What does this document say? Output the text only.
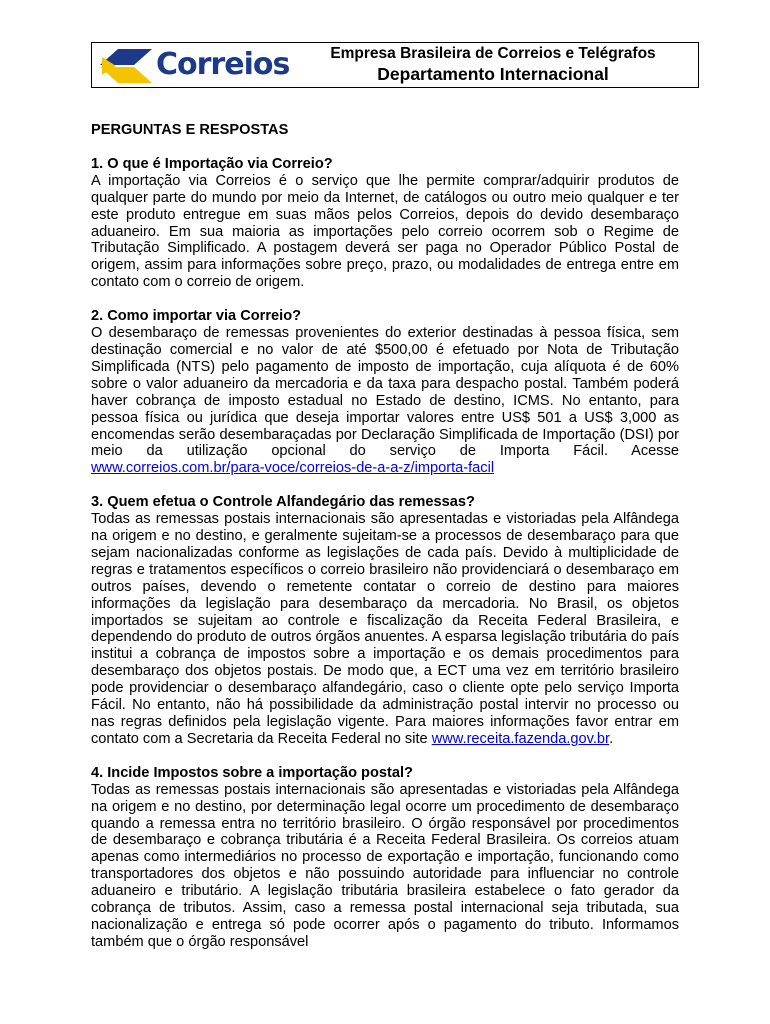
Correios	Empresa Brasileira de Correios e Telégrafos
Departamento Internacional

PERGUNTAS E RESPOSTAS

1. O que é Importação via Correio?

A importação via Correios é o serviço que lhe permite comprar/adquirir produtos de qualquer parte do mundo por meio da Internet, de catálogos ou outro meio qualquer e ter este produto entregue em suas mãos pelos Correios, depois do devido desembaraço aduaneiro. Em sua maioria as importações pelo correio ocorrem sob o Regime de Tributação Simplificado. A postagem deverá ser paga no Operador Público Postal de origem, assim para informações sobre preço, prazo, ou modalidades de entrega entre em contato com o correio de origem.

2. Como importar via Correio?

O desembaraço de remessas provenientes do exterior destinadas à pessoa física, sem destinação comercial e no valor de até $500,00 é efetuado por Nota de Tributação Simplificada (NTS) pelo pagamento de imposto de importação, cuja alíquota é de 60% sobre o valor aduaneiro da mercadoria e da taxa para despacho postal. Também poderá haver cobrança de imposto estadual no Estado de destino, ICMS. No entanto, para pessoa física ou jurídica que deseja importar valores entre US$ 501 a US$ 3,000 as encomendas serão desembaraçadas por Declaração Simplificada de Importação (DSI) por meio da utilização opcional do serviço de Importa Fácil. Acesse www.correios.com.br/para-voce/correios-de-a-a-z/importa-facil

3. Quem efetua o Controle Alfandegário das remessas?

Todas as remessas postais internacionais são apresentadas e vistoriadas pela Alfândega na origem e no destino, e geralmente sujeitam-se a processos de desembaraço para que sejam nacionalizadas conforme as legislações de cada país. Devido à multiplicidade de regras e tratamentos específicos o correio brasileiro não providenciará o desembaraço em outros países, devendo o remetente contatar o correio de destino para maiores informações da legislação para desembaraço da mercadoria. No Brasil, os objetos importados se sujeitam ao controle e fiscalização da Receita Federal Brasileira, e dependendo do produto de outros órgãos anuentes. A esparsa legislação tributária do país institui a cobrança de impostos sobre a importação e os demais procedimentos para desembaraço dos objetos postais. De modo que, a ECT uma vez em território brasileiro pode providenciar o desembaraço alfandegário, caso o cliente opte pelo serviço Importa Fácil. No entanto, não há possibilidade da administração postal intervir no processo ou nas regras definidos pela legislação vigente. Para maiores informações favor entrar em contato com a Secretaria da Receita Federal no site www.receita.fazenda.gov.br.

4. Incide Impostos sobre a importação postal?

Todas as remessas postais internacionais são apresentadas e vistoriadas pela Alfândega na origem e no destino, por determinação legal ocorre um procedimento de desembaraço quando a remessa entra no território brasileiro. O órgão responsável por procedimentos de desembaraço e cobrança tributária é a Receita Federal Brasileira. Os correios atuam apenas como intermediários no processo de exportação e importação, funcionando como transportadores dos objetos e não possuindo autoridade para influenciar no controle aduaneiro e tributário. A legislação tributária brasileira estabelece o fato gerador da cobrança de tributos. Assim, caso a remessa postal internacional seja tributada, sua nacionalização e entrega só pode ocorrer após o pagamento do tributo. Informamos também que o órgão responsável
